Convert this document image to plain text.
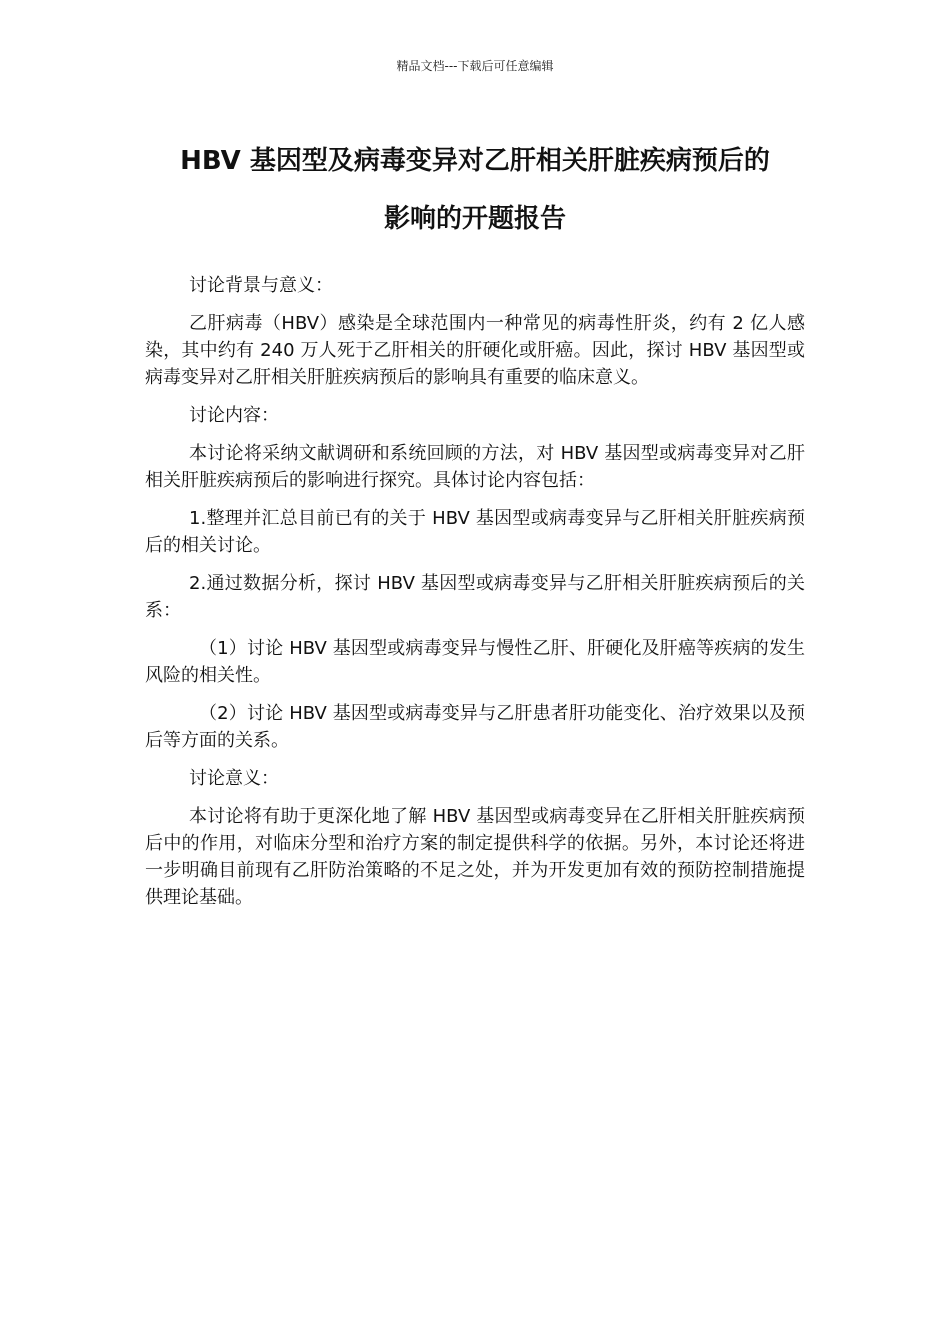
精品文档---下载后可任意编辑
HBV 基因型及病毒变异对乙肝相关肝脏疾病预后的
影响的开题报告

讨论背景与意义：

乙肝病毒（HBV）感染是全球范围内一种常见的病毒性肝炎，约有 2 亿人感染，其中约有 240 万人死于乙肝相关的肝硬化或肝癌。因此，探讨 HBV 基因型或病毒变异对乙肝相关肝脏疾病预后的影响具有重要的临床意义。

讨论内容：

本讨论将采纳文献调研和系统回顾的方法，对 HBV 基因型或病毒变异对乙肝相关肝脏疾病预后的影响进行探究。具体讨论内容包括：

1.整理并汇总目前已有的关于 HBV 基因型或病毒变异与乙肝相关肝脏疾病预后的相关讨论。

2.通过数据分析，探讨 HBV 基因型或病毒变异与乙肝相关肝脏疾病预后的关系：

（1）讨论 HBV 基因型或病毒变异与慢性乙肝、肝硬化及肝癌等疾病的发生风险的相关性。

（2）讨论 HBV 基因型或病毒变异与乙肝患者肝功能变化、治疗效果以及预后等方面的关系。

讨论意义：

本讨论将有助于更深化地了解 HBV 基因型或病毒变异在乙肝相关肝脏疾病预后中的作用，对临床分型和治疗方案的制定提供科学的依据。另外，本讨论还将进一步明确目前现有乙肝防治策略的不足之处，并为开发更加有效的预防控制措施提供理论基础。
